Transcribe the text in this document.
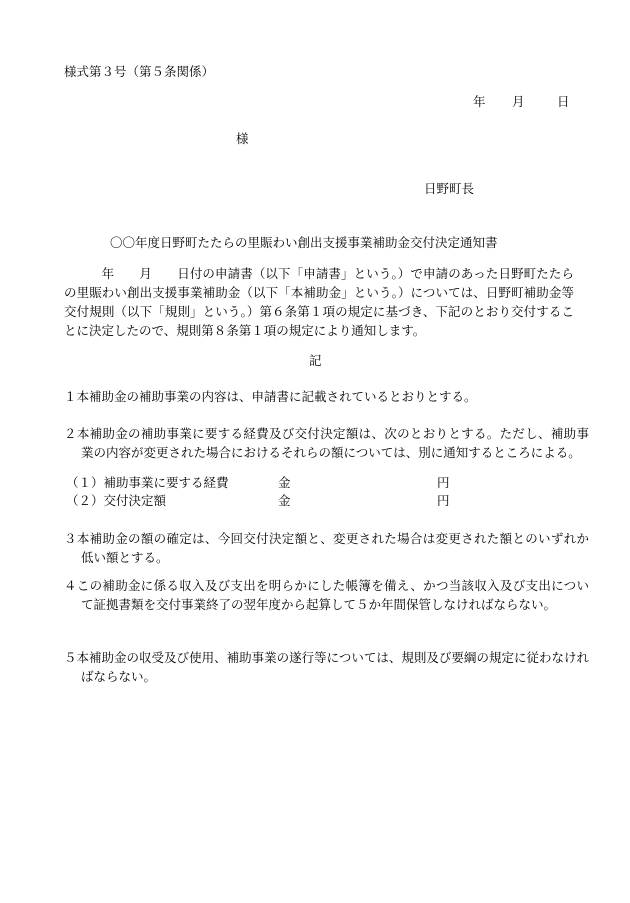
様式第３号（第５条関係）
年 月	日
様
日野町長
〇〇年度日野町たたらの里賑わい創出支援事業補助金交付決定通知書
　年　　月　　日付の申請書（以下「申請書」という。）で申請のあった日野町たたらの里賑わい創出支援事業補助金（以下「本補助金」という。）については、日野町補助金等交付規則（以下「規則」という。）第６条第１項の規定に基づき、下記のとおり交付することに決定したので、規則第８条第１項の規定により通知します。
記
１本補助金の補助事業の内容は、申請書に記載されているとおりとする。
２本補助金の補助事業に要する経費及び交付決定額は、次のとおりとする。ただし、補助事業の内容が変更された場合におけるそれらの額については、別に通知するところによる。
（１）補助事業に要する経費	金	円
（２）交付決定額	金	円
３本補助金の額の確定は、今回交付決定額と、変更された場合は変更された額とのいずれか低い額とする。
４この補助金に係る収入及び支出を明らかにした帳簿を備え、かつ当該収入及び支出について証拠書類を交付事業終了の翌年度から起算して５か年間保管しなければならない。
５本補助金の収受及び使用、補助事業の遂行等については、規則及び要綱の規定に従わなければならない。
